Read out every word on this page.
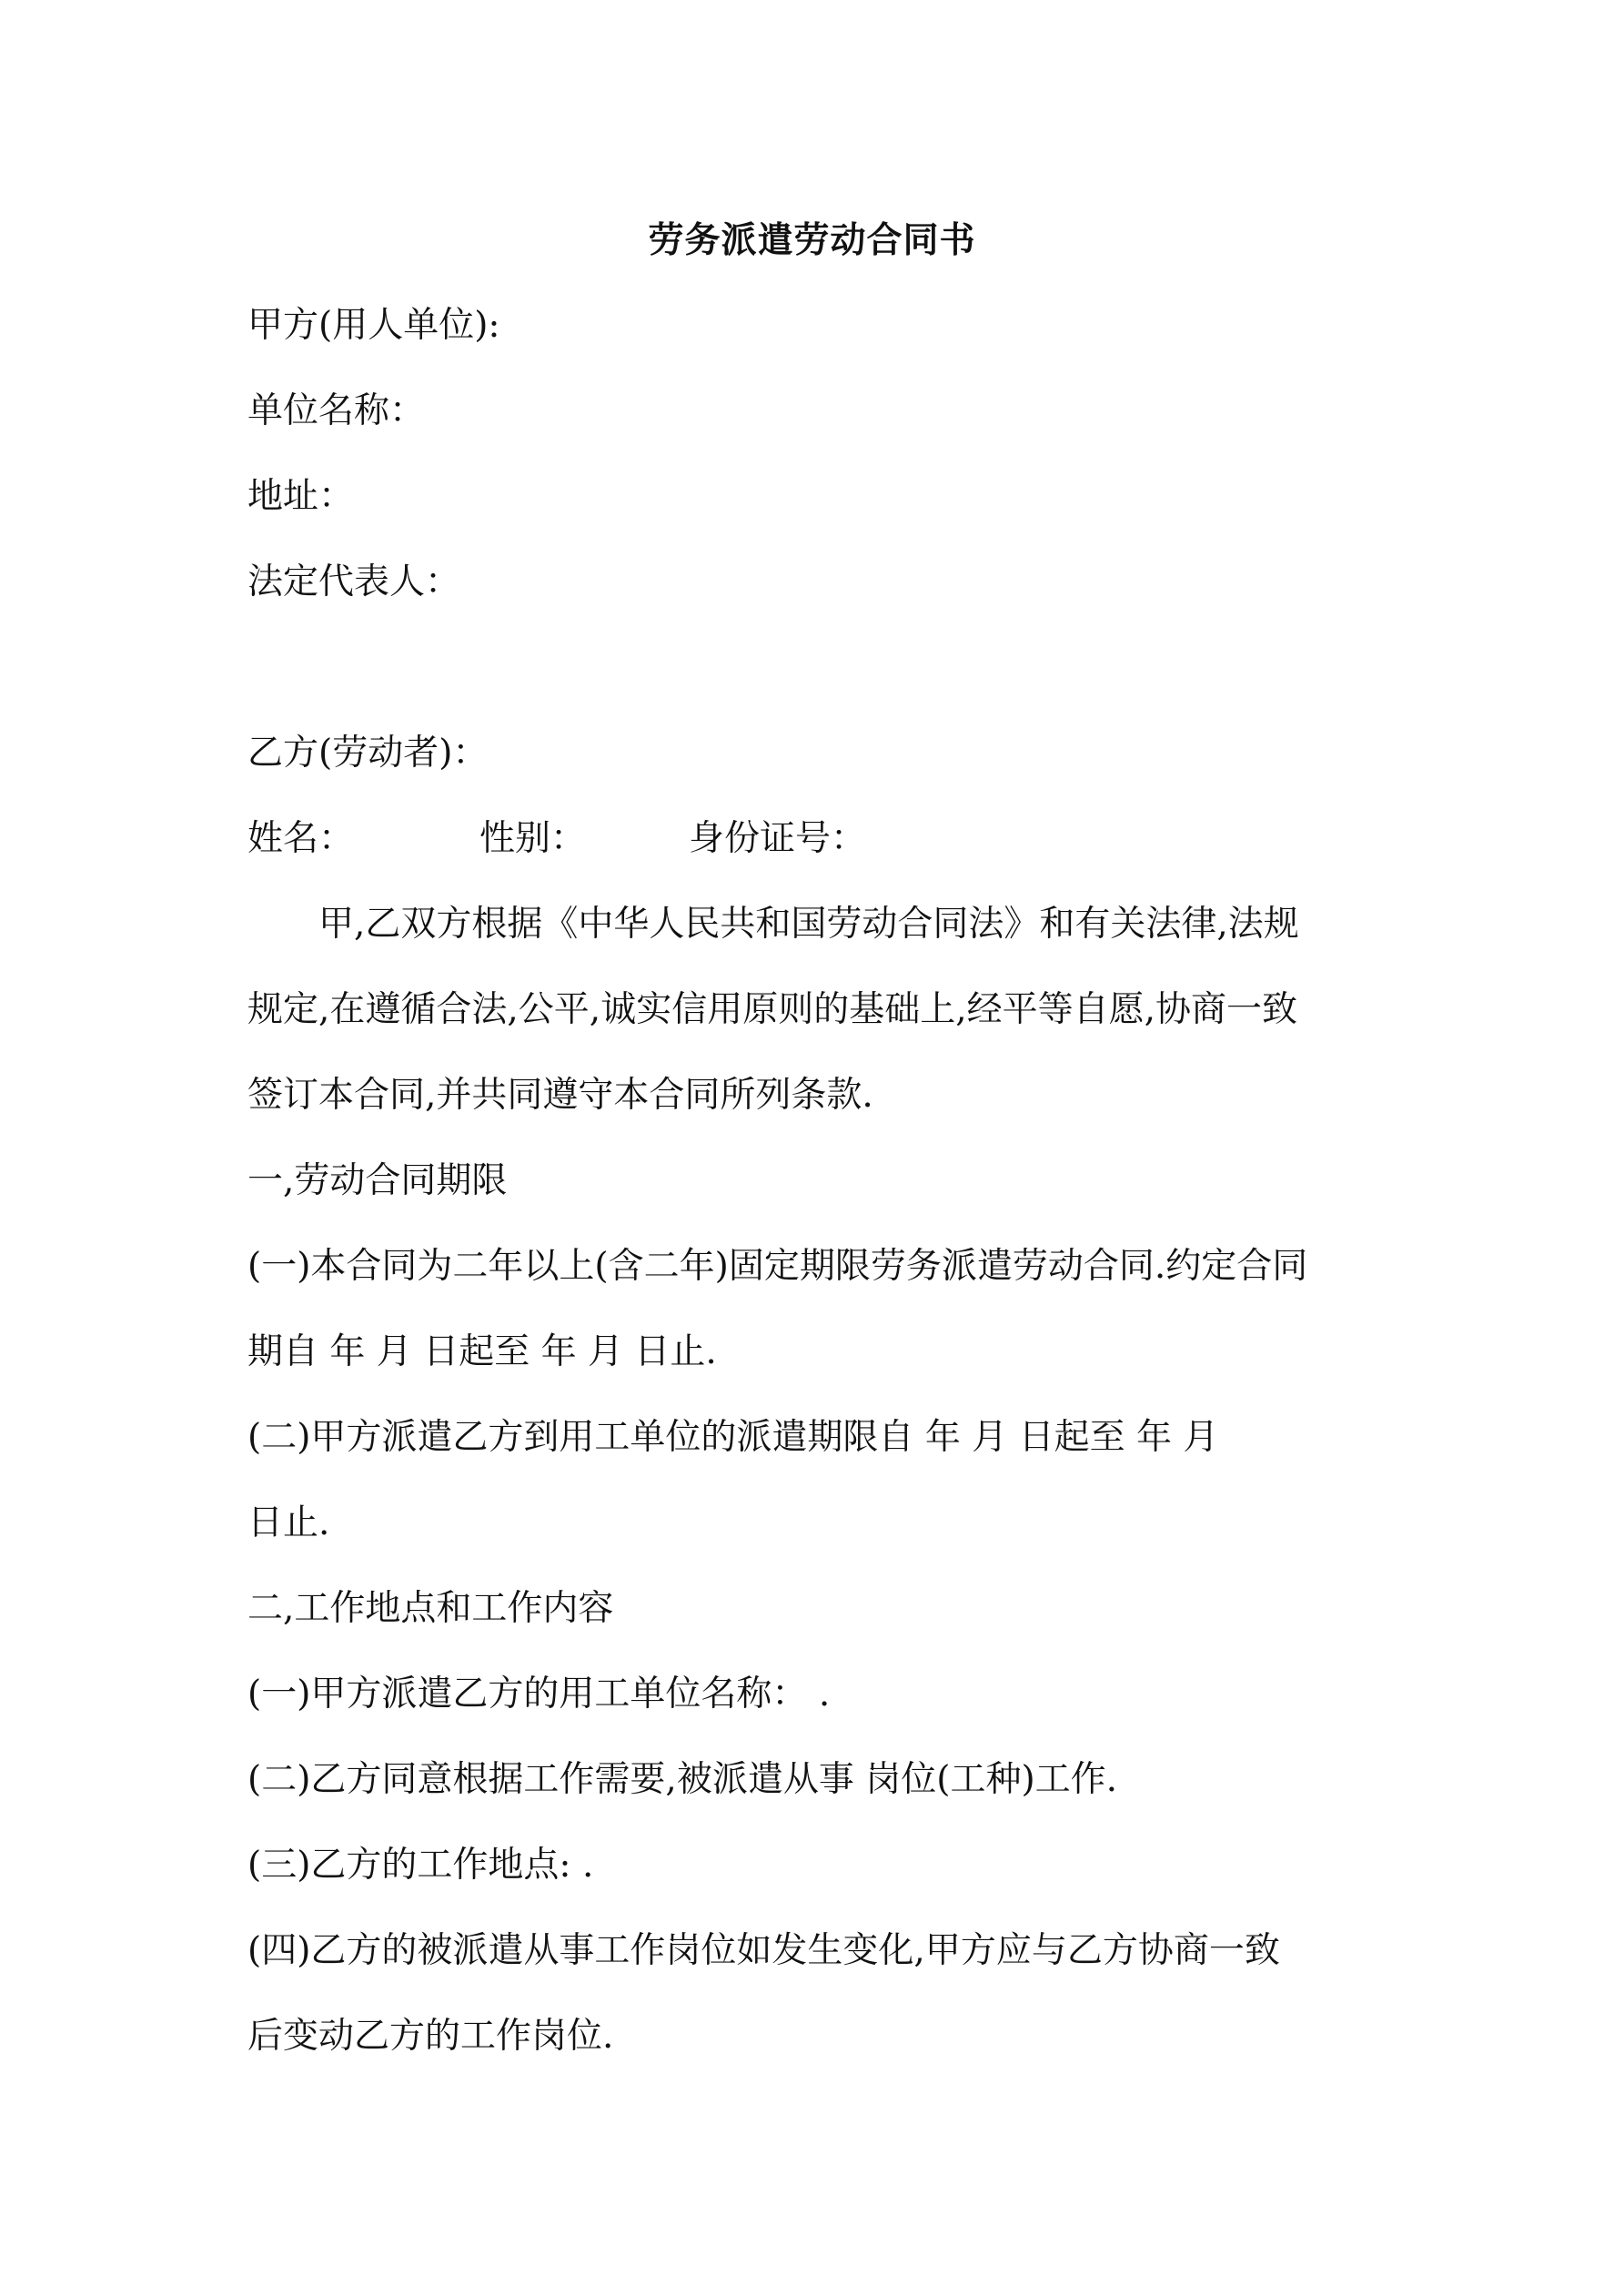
劳务派遣劳动合同书
甲方(用人单位):
单位名称：
地址：
法定代表人：
乙方(劳动者)：
姓名：	性别：	身份证号：
甲,乙双方根据《中华人民共和国劳动合同法》和有关法律,法规
规定,在遵循合法,公平,诚实信用原则的基础上,经平等自愿,协商一致
签订本合同,并共同遵守本合同所列条款.
一,劳动合同期限
(一)本合同为二年以上(含二年)固定期限劳务派遣劳动合同.约定合同
期自 年 月 日起至 年 月 日止.
(二)甲方派遣乙方到用工单位的派遣期限自 年 月 日起至 年 月
日止.
二,工作地点和工作内容
(一)甲方派遣乙方的用工单位名称： .
(二)乙方同意根据工作需要,被派遣从事 岗位(工种)工作.
(三)乙方的工作地点: .
(四)乙方的被派遣从事工作岗位如发生变化,甲方应与乙方协商一致
后变动乙方的工作岗位.
